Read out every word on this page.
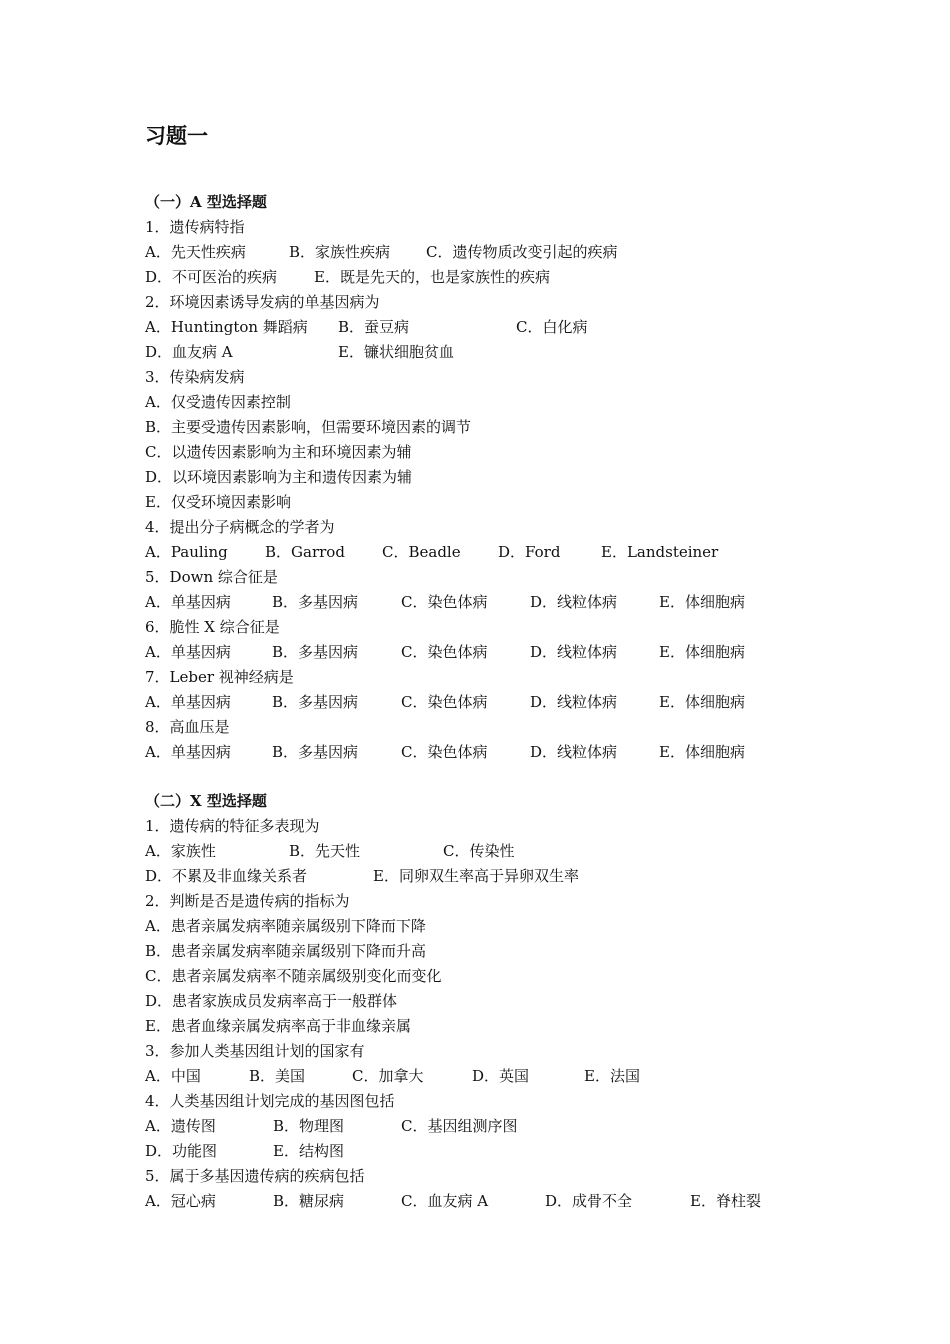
习题一
（一）A 型选择题
1．遗传病特指
A．先天性疾病	B．家族性疾病 C．遗传物质改变引起的疾病
D．不可医治的疾病 E．既是先天的，也是家族性的疾病
2．环境因素诱导发病的单基因病为
A．Huntington 舞蹈病 B．蚕豆病	C．白化病
D．血友病 A	E．镰状细胞贫血
3．传染病发病
A．仅受遗传因素控制
B．主要受遗传因素影响，但需要环境因素的调节
C．以遗传因素影响为主和环境因素为辅
D．以环境因素影响为主和遗传因素为辅
E．仅受环境因素影响
4．提出分子病概念的学者为
A．Pauling B．Garrod C．Beadle D．Ford	E．Landsteiner
5．Down 综合征是
A．单基因病	B．多基因病	C．染色体病	D．线粒体病	E．体细胞病
6．脆性 X 综合征是
A．单基因病	B．多基因病	C．染色体病	D．线粒体病	E．体细胞病
7．Leber 视神经病是
A．单基因病	B．多基因病	C．染色体病	D．线粒体病	E．体细胞病
8．高血压是
A．单基因病	B．多基因病	C．染色体病	D．线粒体病	E．体细胞病
（二）X 型选择题
1．遗传病的特征多表现为
A．家族性	B．先天性	C．传染性
D．不累及非血缘关系者	E．同卵双生率高于异卵双生率
2．判断是否是遗传病的指标为
A．患者亲属发病率随亲属级别下降而下降
B．患者亲属发病率随亲属级别下降而升高
C．患者亲属发病率不随亲属级别变化而变化
D．患者家族成员发病率高于一般群体
E．患者血缘亲属发病率高于非血缘亲属
3．参加人类基因组计划的国家有
A．中国	B．美国	C．加拿大	D．英国	E．法国
4．人类基因组计划完成的基因图包括
A．遗传图	B．物理图	C．基因组测序图
D．功能图	E．结构图
5．属于多基因遗传病的疾病包括
A．冠心病	B．糖尿病	C．血友病 A	D．成骨不全	E．脊柱裂
